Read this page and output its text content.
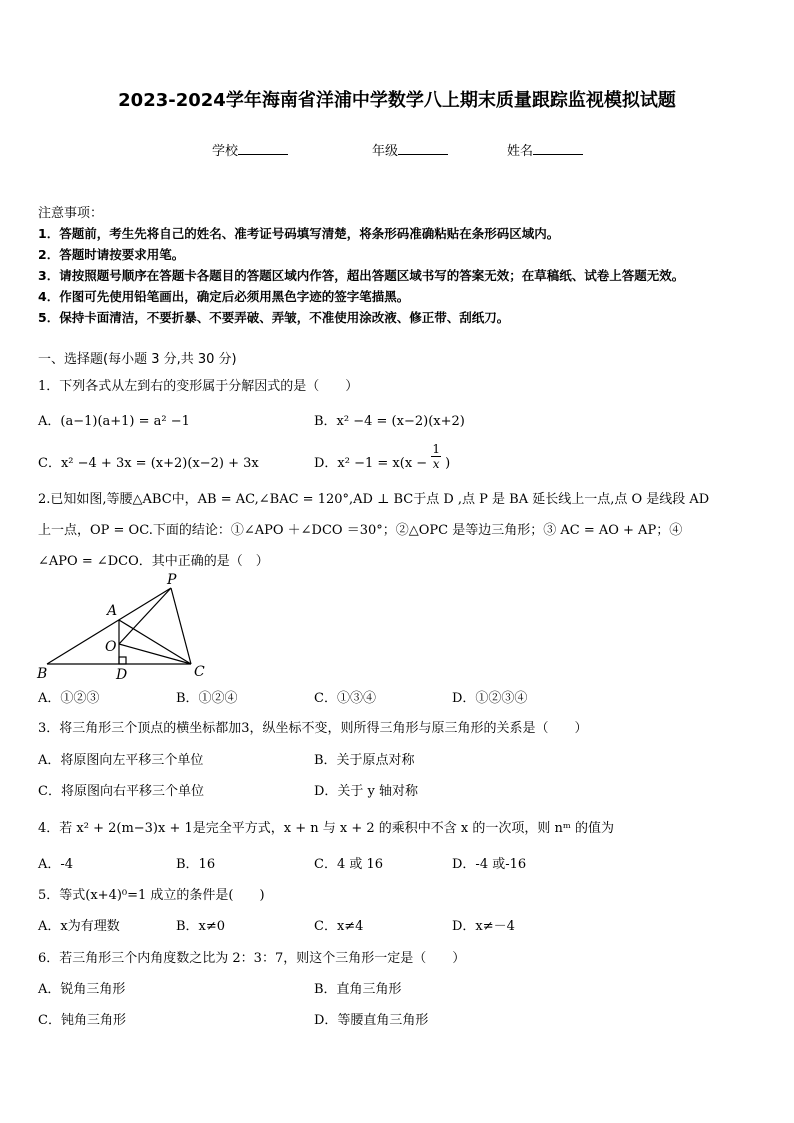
2023-2024学年海南省洋浦中学数学八上期末质量跟踪监视模拟试题
学校	年级	姓名
注意事项：
1．答题前，考生先将自己的姓名、准考证号码填写清楚，将条形码准确粘贴在条形码区域内。
2．答题时请按要求用笔。
3．请按照题号顺序在答题卡各题目的答题区域内作答，超出答题区域书写的答案无效；在草稿纸、试卷上答题无效。
4．作图可先使用铅笔画出，确定后必须用黑色字迹的签字笔描黑。
5．保持卡面清洁，不要折暴、不要弄破、弄皱，不准使用涂改液、修正带、刮纸刀。
一、选择题(每小题 3 分,共 30 分)
1．下列各式从左到右的变形属于分解因式的是（　　）
A．(a−1)(a+1) = a² −1	B．x² −4 = (x−2)(x+2)
C．x² −4 + 3x = (x+2)(x−2) + 3x	D．$x^2 -1 = x(x - \frac{1}{x}$ )
2.已知如图,等腰△ABC中，AB = AC,∠BAC = 120°,AD ⊥ BC于点 D ,点 P 是 BA 延长线上一点,点 O 是线段 AD
上一点，OP = OC.下面的结论：①∠APO ＋∠DCO ＝30°；②△OPC 是等边三角形；③ AC = AO + AP；④
∠APO = ∠DCO．其中正确的是（　）
P
A
O
B	D	C
A．①②③	B．①②④	C．①③④	D．①②③④
3．将三角形三个顶点的横坐标都加3，纵坐标不变，则所得三角形与原三角形的关系是（　　）
A．将原图向左平移三个单位	B．关于原点对称
C．将原图向右平移三个单位	D．关于 y 轴对称
4．若 x² + 2(m−3)x + 1是完全平方式，x + n 与 x + 2 的乘积中不含 x 的一次项，则 nᵐ 的值为
A．-4	B．16	C．4 或 16	D．-4 或-16
5．等式(x+4)⁰=1 成立的条件是(　　)
A．x为有理数	B．x≠0	C．x≠4	D．x≠－4
6．若三角形三个内角度数之比为 2：3：7，则这个三角形一定是（　　）
A．锐角三角形	B．直角三角形
C．钝角三角形	D．等腰直角三角形
